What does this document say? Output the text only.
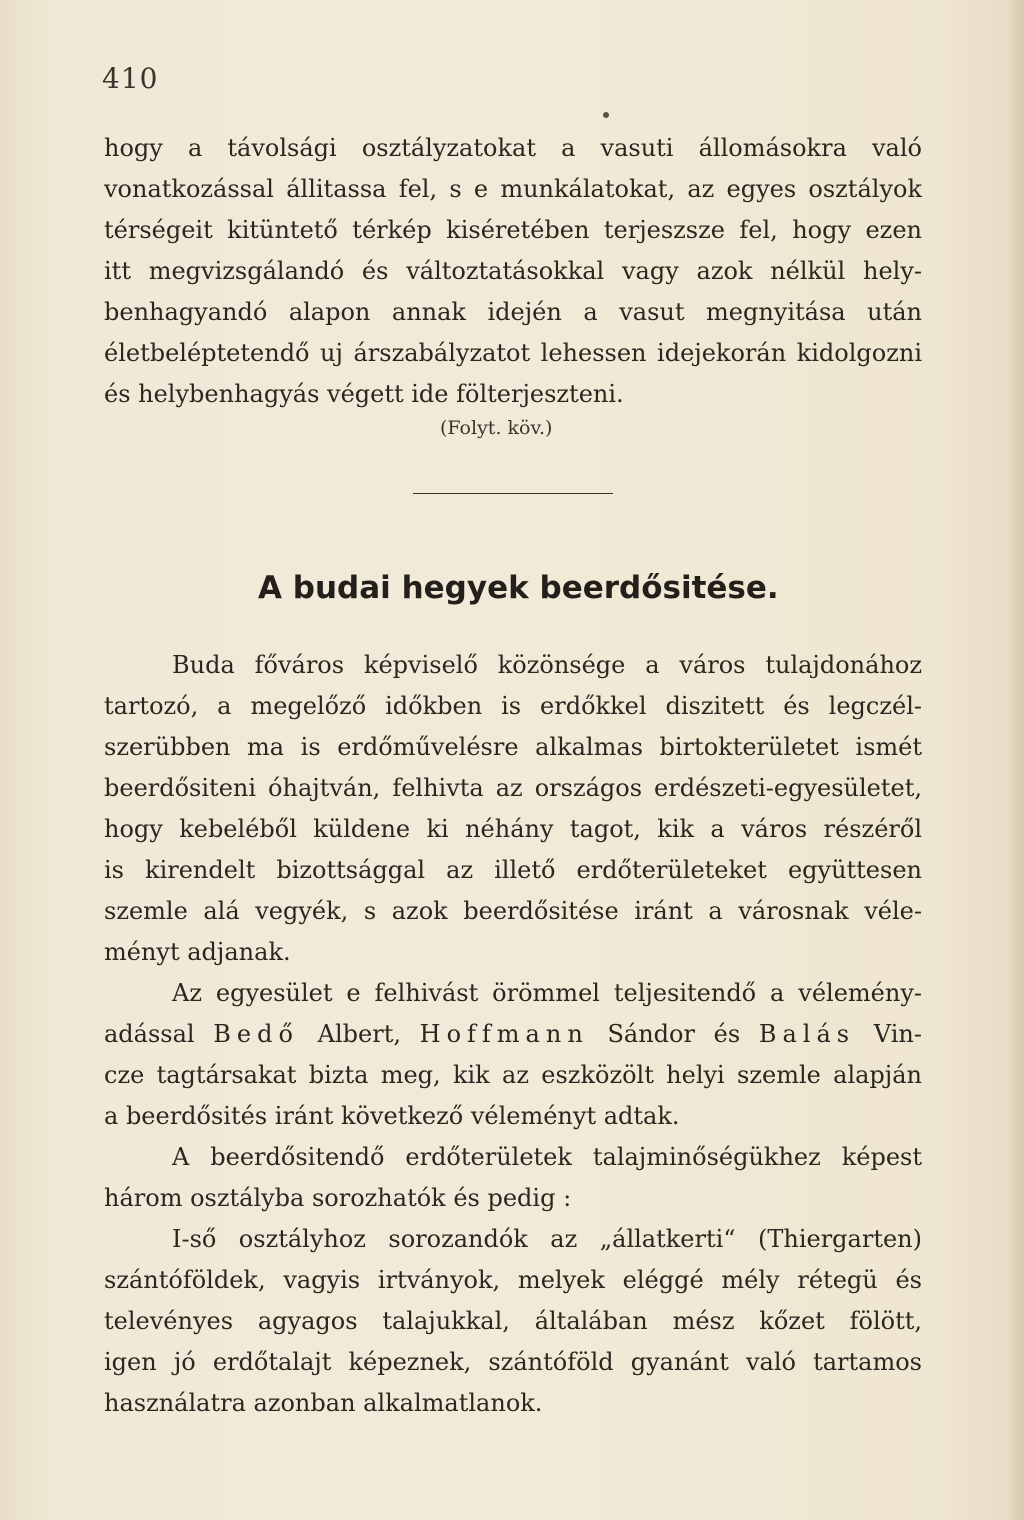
410
hogy a távolsági osztályzatokat a vasuti állomásokra való
vonatkozással állitassa fel, s e munkálatokat, az egyes osztályok
térségeit kitüntető térkép kiséretében terjeszsze fel, hogy ezen
itt megvizsgálandó és változtatásokkal vagy azok nélkül hely-
benhagyandó alapon annak idején a vasut megnyitása után
életbeléptetendő uj árszabályzatot lehessen idejekorán kidolgozni
és helybenhagyás végett ide fölterjeszteni.
(Folyt. köv.)
A budai hegyek beerdősitése.
Buda főváros képviselő közönsége a város tulajdonához
tartozó, a megelőző időkben is erdőkkel diszitett és legczél-
szerübben ma is erdőművelésre alkalmas birtokterületet ismét
beerdősiteni óhajtván, felhivta az országos erdészeti-egyesületet,
hogy kebeléből küldene ki néhány tagot, kik a város részéről
is kirendelt bizottsággal az illető erdőterületeket együttesen
szemle alá vegyék, s azok beerdősitése iránt a városnak véle-
ményt adjanak.
Az egyesület e felhivást örömmel teljesitendő a vélemény-
adással Bedő Albert, Hoffmann Sándor és Balás Vin-
cze tagtársakat bizta meg, kik az eszközölt helyi szemle alapján
a beerdősités iránt következő véleményt adtak.
A beerdősitendő erdőterületek talajminőségükhez képest
három osztályba sorozhatók és pedig :
I-ső osztályhoz sorozandók az „állatkerti“ (Thiergarten)
szántóföldek, vagyis irtványok, melyek eléggé mély rétegü és
televényes agyagos talajukkal, általában mész kőzet fölött,
igen jó erdőtalajt képeznek, szántóföld gyanánt való tartamos
használatra azonban alkalmatlanok.
